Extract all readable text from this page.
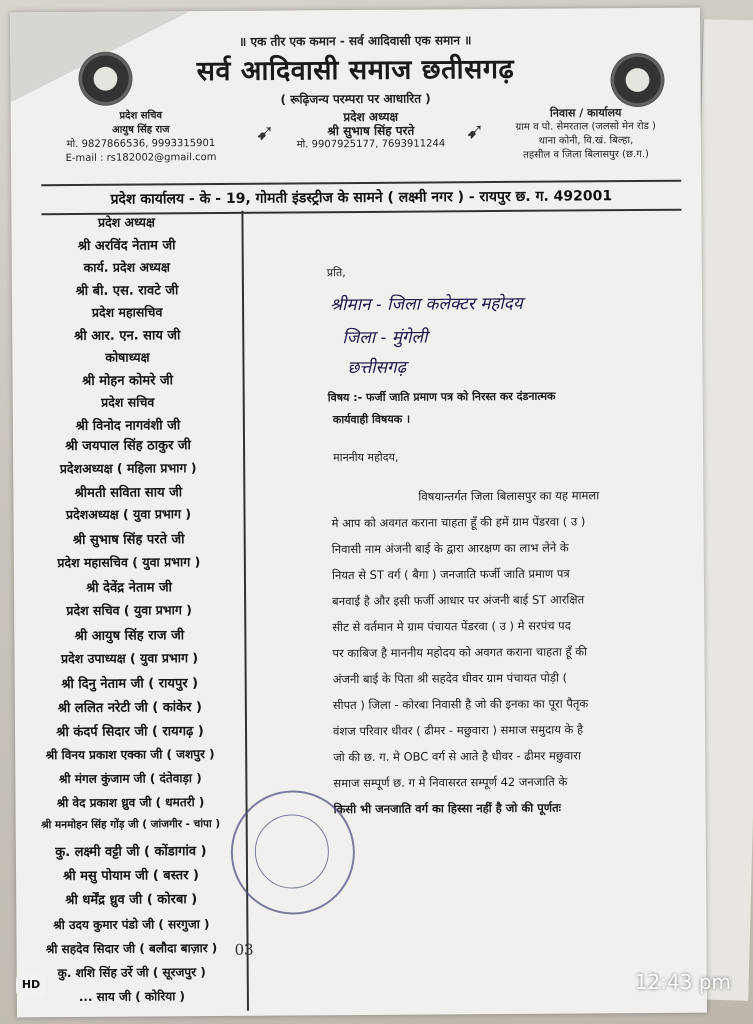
॥ एक तीर एक कमान - सर्व आदिवासी एक समान ॥
सर्व आदिवासी समाज छतीसगढ़
( रूढ़िजन्य परम्परा पर आधारित )
प्रदेश सचिव
आयुष सिंह राज
मो. 9827866536, 9993315901
E-mail : rs182002@gmail.com
➹
प्रदेश अध्यक्ष
श्री सुभाष सिंह परते
मो. 9907925177, 7693911244
➹
निवास / कार्यालय
ग्राम व पो. सेमरताल (जलसो मेन रोड )
थाना कोनी, वि.खं. बिल्हा,
तहसील व जिला बिलासपुर (छ.ग.)
प्रदेश कार्यालय - के - 19, गोमती इंडस्ट्रीज के सामने ( लक्ष्मी नगर ) - रायपुर छ. ग. 492001
प्रदेश अध्यक्ष
श्री अरविंद नेताम जी
कार्य. प्रदेश अध्यक्ष
श्री बी. एस. रावटे जी
प्रदेश महासचिव
श्री आर. एन. साय जी
कोषाध्यक्ष
श्री मोहन कोमरे जी
प्रदेश सचिव
श्री विनोद नागवंशी जी
श्री जयपाल सिंह ठाकुर जी
प्रदेशअध्यक्ष ( महिला प्रभाग )
श्रीमती सविता साय जी
प्रदेशअध्यक्ष ( युवा प्रभाग )
श्री सुभाष सिंह परते जी
प्रदेश महासचिव ( युवा प्रभाग )
श्री देवेंद्र नेताम जी
प्रदेश सचिव ( युवा प्रभाग )
श्री आयुष सिंह राज जी
प्रदेश उपाध्यक्ष ( युवा प्रभाग )
श्री दिनु नेताम जी ( रायपुर )
श्री ललित नरेटी जी ( कांकेर )
श्री कंदर्प सिदार जी ( रायगढ़ )
श्री विनय प्रकाश एक्का जी ( जशपुर )
श्री मंगल कुंजाम जी ( दंतेवाड़ा )
श्री वेद प्रकाश ध्रुव जी ( धमतरी )
श्री मनमोहन सिंह गोंड़ जी ( जांजगीर - चांपा )
कु. लक्ष्मी वट्टी जी ( कोंडागांव )
श्री मसु पोयाम जी ( बस्तर )
श्री धर्मेंद्र ध्रुव जी ( कोरबा )
श्री उदय कुमार पंडो जी ( सरगुजा )
श्री सहदेव सिदार जी ( बलौदा बाज़ार )
कु. शशि सिंह उर्रे जी ( सूरजपुर )
... साय जी ( कोरिया )
प्रति,
श्रीमान - जिला कलेक्टर महोदय
जिला - मुंगेली
छत्तीसगढ़
विषय :- फर्जी जाति प्रमाण पत्र को निरस्त कर दंडनात्मक
कार्यवाही विषयक ।
माननीय महोदय,
विषयान्तर्गत जिला बिलासपुर का यह मामला
मे आप को अवगत कराना चाहता हूँ की हमें ग्राम पेंडरवा ( उ )
निवासी नाम अंजनी बाई के द्वारा आरक्षण का लाभ लेने के
नियत से ST वर्ग ( बैगा ) जनजाति फर्जी जाति प्रमाण पत्र
बनवाई है और इसी फर्जी आधार पर अंजनी बाई ST आरक्षित
सीट से वर्तमान मे ग्राम पंचायत पेंडरवा ( उ ) मे सरपंच पद
पर काबिज है माननीय महोदय को अवगत कराना चाहता हूँ की
अंजनी बाई के पिता श्री सहदेव धीवर ग्राम पंचायत पोड़ी (
सीपत ) जिला - कोरबा निवासी है जो की इनका का पूरा पैतृक
वंशज परिवार धीवर ( ढीमर - मछुवारा ) समाज समुदाय के है
जो की छ. ग. मे OBC वर्ग से आते है धीवर - ढीमर मछुवारा
समाज सम्पूर्ण छ. ग मे निवासरत सम्पूर्ण 42 जनजाति के
किसी भी जनजाति वर्ग का हिस्सा नहीं है जो की पूर्णतः
03
HD	12:43 pm
